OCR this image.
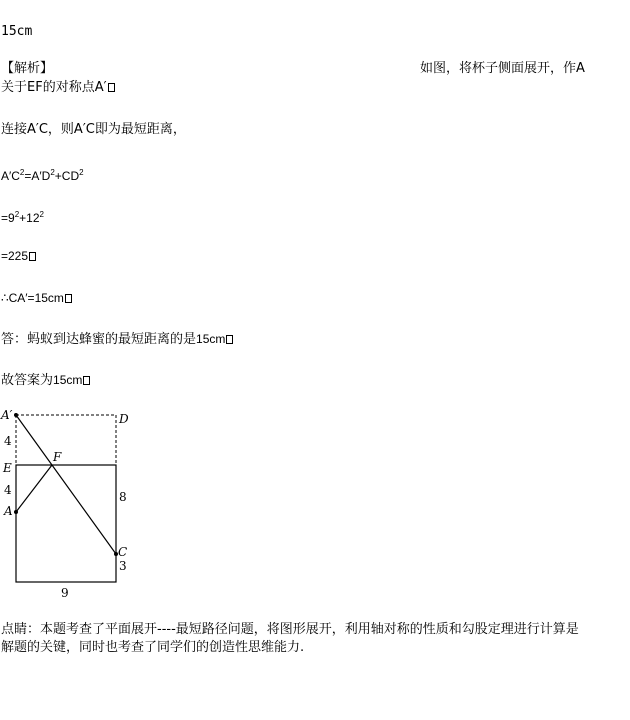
15cm
【解析】	如图，将杯子侧面展开，作A
关于EF的对称点A′
连接A′C，则A′C即为最短距离，
$A'C^2=A'D^2+CD^2$
$=9^2+12^2$
=225
∴CA′=15cm
答：蚂蚁到达蜂蜜的最短距离的是15cm
故答案为15cm
A′	D
E
F
A
C
4
4	8
3
9
点睛：本题考查了平面展开----最短路径问题，将图形展开，利用轴对称的性质和勾股定理进行计算是
解题的关键，同时也考查了同学们的创造性思维能力.
